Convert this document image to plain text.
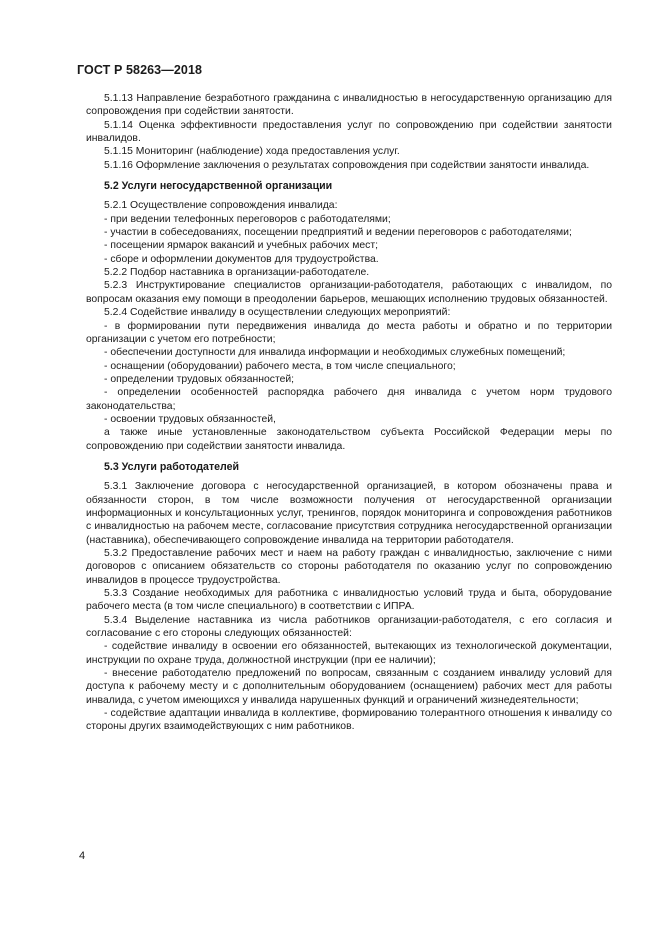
ГОСТ Р 58263—2018

5.1.13 Направление безработного гражданина с инвалидностью в негосударственную организацию для сопровождения при содействии занятости.

5.1.14 Оценка эффективности предоставления услуг по сопровождению при содействии занятости инвалидов.

5.1.15 Мониторинг (наблюдение) хода предоставления услуг.

5.1.16 Оформление заключения о результатах сопровождения при содействии занятости инвалида.

5.2 Услуги негосударственной организации

5.2.1 Осуществление сопровождения инвалида:

- при ведении телефонных переговоров с работодателями;

- участии в собеседованиях, посещении предприятий и ведении переговоров с работодателями;

- посещении ярмарок вакансий и учебных рабочих мест;

- сборе и оформлении документов для трудоустройства.

5.2.2 Подбор наставника в организации-работодателе.

5.2.3 Инструктирование специалистов организации-работодателя, работающих с инвалидом, по вопросам оказания ему помощи в преодолении барьеров, мешающих исполнению трудовых обязанностей.

5.2.4 Содействие инвалиду в осуществлении следующих мероприятий:

- в формировании пути передвижения инвалида до места работы и обратно и по территории организации с учетом его потребности;

- обеспечении доступности для инвалида информации и необходимых служебных помещений;

- оснащении (оборудовании) рабочего места, в том числе специального;

- определении трудовых обязанностей;

- определении особенностей распорядка рабочего дня инвалида с учетом норм трудового законодательства;

- освоении трудовых обязанностей,

а также иные установленные законодательством субъекта Российской Федерации меры по сопровождению при содействии занятости инвалида.

5.3 Услуги работодателей

5.3.1 Заключение договора с негосударственной организацией, в котором обозначены права и обязанности сторон, в том числе возможности получения от негосударственной организации информационных и консультационных услуг, тренингов, порядок мониторинга и сопровождения работников с инвалидностью на рабочем месте, согласование присутствия сотрудника негосударственной организации (наставника), обеспечивающего сопровождение инвалида на территории работодателя.

5.3.2 Предоставление рабочих мест и наем на работу граждан с инвалидностью, заключение с ними договоров с описанием обязательств со стороны работодателя по оказанию услуг по сопровождению инвалидов в процессе трудоустройства.

5.3.3 Создание необходимых для работника с инвалидностью условий труда и быта, оборудование рабочего места (в том числе специального) в соответствии с ИПРА.

5.3.4 Выделение наставника из числа работников организации-работодателя, с его согласия и согласование с его стороны следующих обязанностей:

- содействие инвалиду в освоении его обязанностей, вытекающих из технологической документации, инструкции по охране труда, должностной инструкции (при ее наличии);

- внесение работодателю предложений по вопросам, связанным с созданием инвалиду условий для доступа к рабочему месту и с дополнительным оборудованием (оснащением) рабочих мест для работы инвалида, с учетом имеющихся у инвалида нарушенных функций и ограничений жизнедеятельности;

- содействие адаптации инвалида в коллективе, формированию толерантного отношения к инвалиду со стороны других взаимодействующих с ним работников.

4
